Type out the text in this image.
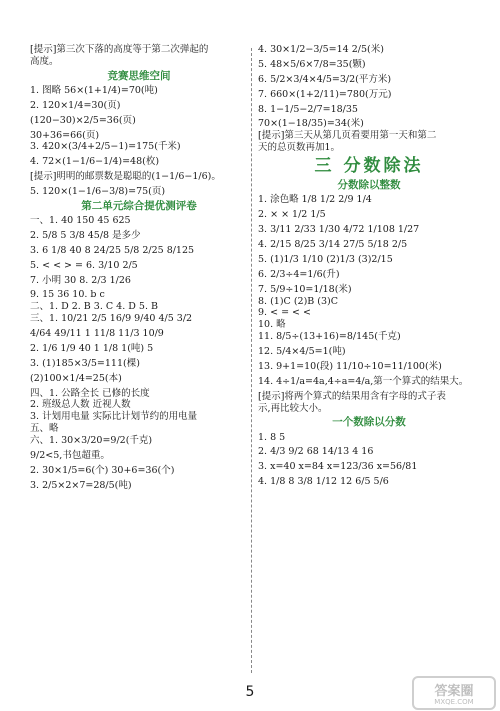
[提示]第三次下落的高度等于第二次弹起的
高度。
竞赛思维空间
1. 图略 56×(1+1/4)=70(吨)
2. 120×1/4=30(页)
(120−30)×2/5=36(页)
30+36=66(页)
3. 420×(3/4+2/5−1)=175(千米)
4. 72×(1−1/6−1/4)=48(枚)
[提示]明明的邮票数是聪聪的(1−1/6−1/6)。
5. 120×(1−1/6−3/8)=75(页)
第二单元综合提优测评卷
一、1. 40 150 45 625
2. 5/8 5 3/8 45/8 是多少
3. 6 1/8 40 8 24/25 5/8 2/25 8/125
5. < < > = 6. 3/10 2/5
7. 小明 30 8. 2/3 1/26
9. 15 36 10. b c
二、1. D 2. B 3. C 4. D 5. B
三、1. 10/21 2/5 16/9 9/40 4/5 3/2
4/64 49/11 1 11/8 11/3 10/9
2. 1/6 1/9 40 1 1/8 1(吨) 5
3. (1)185×3/5=111(棵)
(2)100×1/4=25(本)
四、1. 公路全长 已修的长度
2. 班级总人数 近视人数
3. 计划用电量 实际比计划节约的用电量
五、略
六、1. 30×3/20=9/2(千克)
9/2<5,书包超重。
2. 30×1/5=6(个) 30+6=36(个)
3. 2/5×2×7=28/5(吨)
4. 30×1/2−3/5=14 2/5(米)
5. 48×5/6×7/8=35(颗)
6. 5/2×3/4×4/5=3/2(平方米)
7. 660×(1+2/11)=780(万元)
8. 1−1/5−2/7=18/35
70×(1−18/35)=34(米)
[提示]第三天从第几页看要用第一天和第二
天的总页数再加1。
三 分数除法
分数除以整数
1. 涂色略 1/8 1/2 2/9 1/4
2. × × 1/2 1/5
3. 3/11 2/33 1/30 4/72 1/108 1/27
4. 2/15 8/25 3/14 27/5 5/18 2/5
5. (1)1/3 1/10 (2)1/3 (3)2/15
6. 2/3÷4=1/6(升)
7. 5/9÷10=1/18(米)
8. (1)C (2)B (3)C
9. < = < <
10. 略
11. 8/5÷(13+16)=8/145(千克)
12. 5/4×4/5=1(吨)
13. 9+1=10(段) 11/10÷10=11/100(米)
14. 4÷1/a=4a,4÷a=4/a,第一个算式的结果大。
[提示]将两个算式的结果用含有字母的式子表
示,再比较大小。
一个数除以分数
1. 8 5
2. 4/3 9/2 68 14/13 4 16
3. x=40 x=84 x=123/36 x=56/81
4. 1/8 8 3/8 1/12 12 6/5 5/6
5	答案圈
MXQE.COM
